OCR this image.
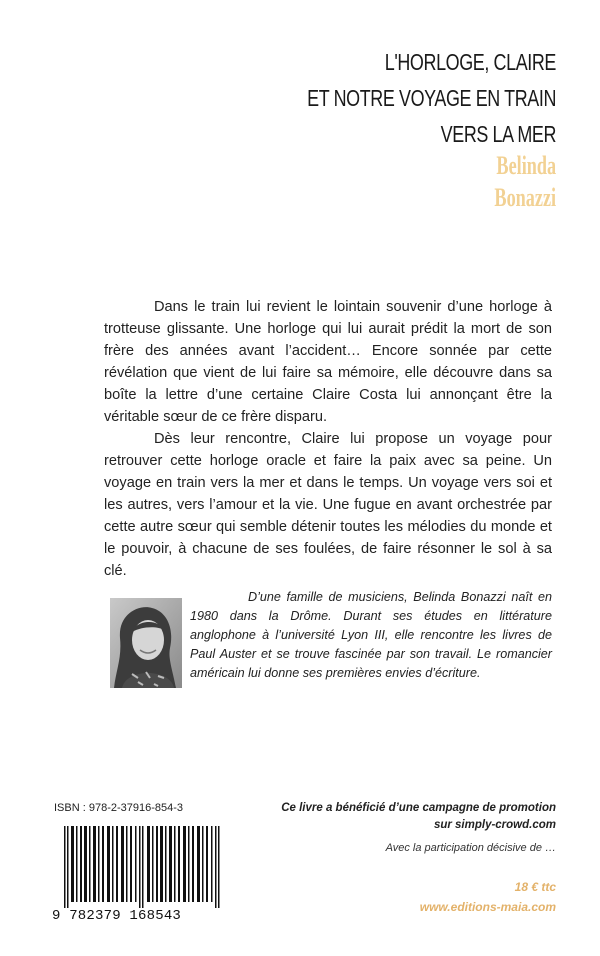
L'HORLOGE, CLAIRE
ET NOTRE VOYAGE EN TRAIN
VERS LA MER
Belinda
Bonazzi

Dans le train lui revient le lointain souvenir d’une horloge à trotteuse glissante. Une horloge qui lui aurait prédit la mort de son frère des années avant l’accident… Encore sonnée par cette révélation que vient de lui faire sa mémoire, elle découvre dans sa boîte la lettre d’une certaine Claire Costa lui annonçant être la véritable sœur de ce frère disparu.

Dès leur rencontre, Claire lui propose un voyage pour retrouver cette horloge oracle et faire la paix avec sa peine. Un voyage en train vers la mer et dans le temps. Un voyage vers soi et les autres, vers l’amour et la vie. Une fugue en avant orchestrée par cette autre sœur qui semble détenir toutes les mélodies du monde et le pouvoir, à chacune de ses foulées, de faire résonner le sol à sa clé.

D’une famille de musiciens, Belinda Bonazzi naît en 1980 dans la Drôme. Durant ses études en littérature anglophone à l’université Lyon III, elle rencontre les livres de Paul Auster et se trouve fascinée par son travail. Le romancier américain lui donne ses premières envies d’écriture.

ISBN : 978-2-37916-854-3
9 782379 168543
Ce livre a bénéficié d’une campagne de promotion
sur simply-crowd.com
Avec la participation décisive de …
18 € ttc
www.editions-maia.com
